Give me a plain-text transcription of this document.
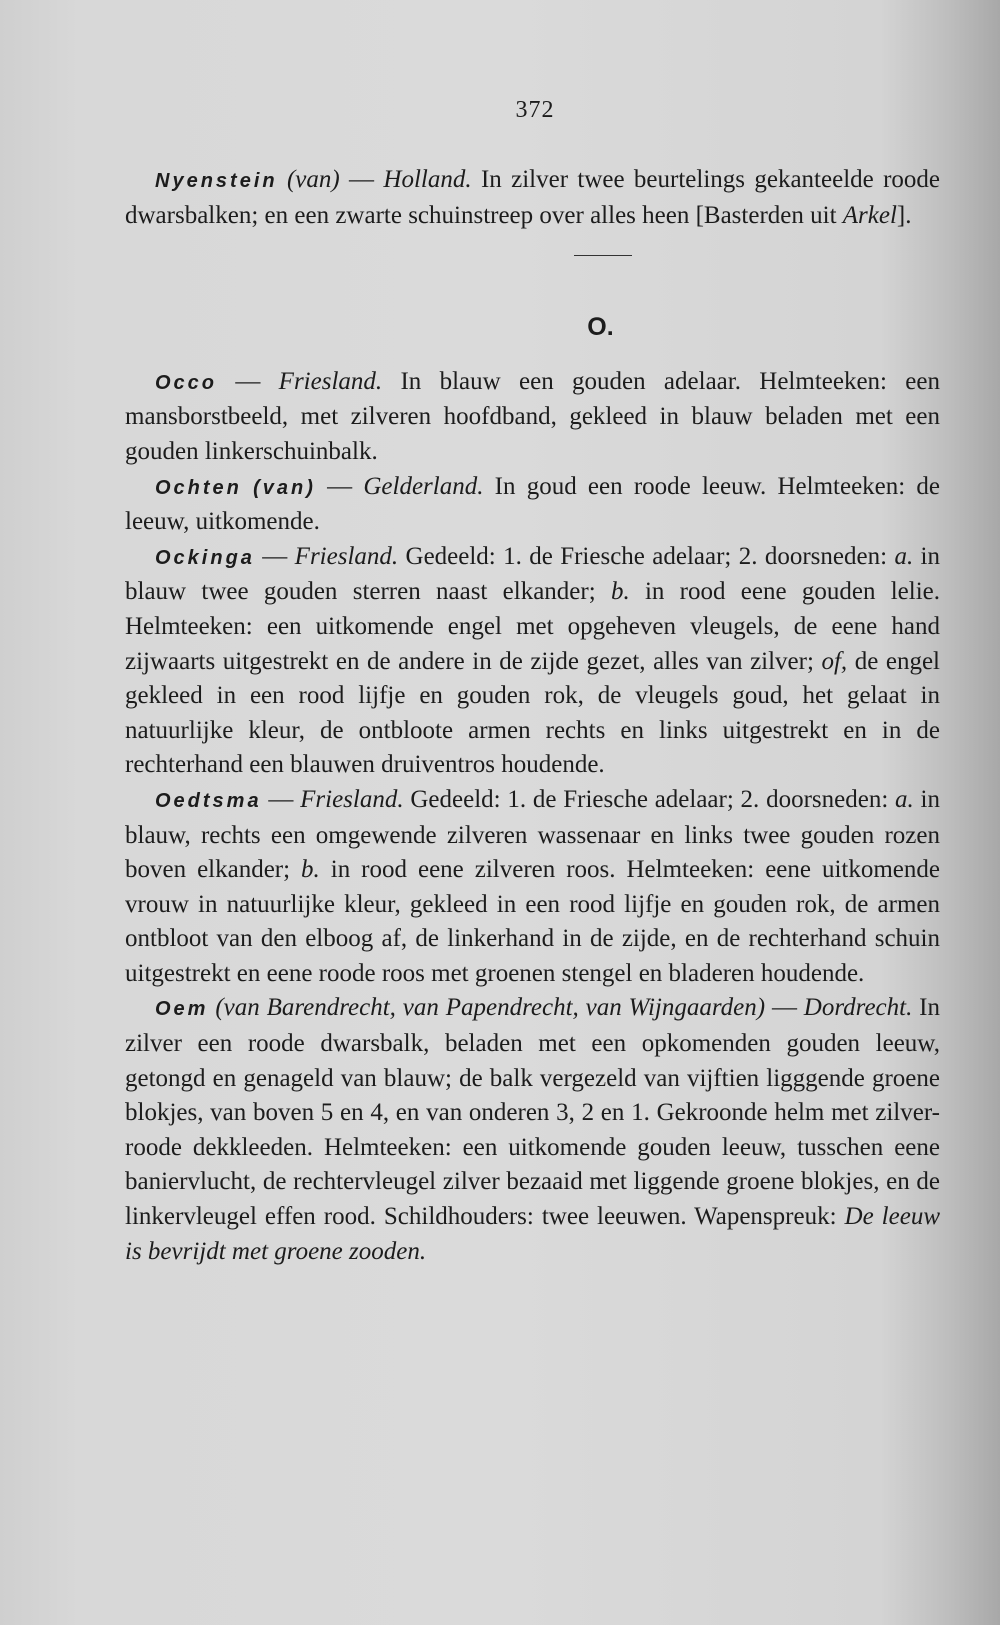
372

Nyenstein (van) — Holland. In zilver twee beurtelings gekanteelde roode dwarsbalken; en een zwarte schuinstreep over alles heen [Basterden uit Arkel].

O.

Occo — Friesland. In blauw een gouden adelaar. Helmteeken: een mansborstbeeld, met zilveren hoofdband, gekleed in blauw beladen met een gouden linkerschuinbalk.

Ochten (van) — Gelderland. In goud een roode leeuw. Helmteeken: de leeuw, uitkomende.

Ockinga — Friesland. Gedeeld: 1. de Friesche adelaar; 2. doorsneden: a. in blauw twee gouden sterren naast elkander; b. in rood eene gouden lelie. Helmteeken: een uitkomende engel met opgeheven vleugels, de eene hand zijwaarts uitgestrekt en de andere in de zijde gezet, alles van zilver; of, de engel gekleed in een rood lijfje en gouden rok, de vleugels goud, het gelaat in natuurlijke kleur, de ontbloote armen rechts en links uitgestrekt en in de rechterhand een blauwen druiventros houdende.

Oedtsma — Friesland. Gedeeld: 1. de Friesche adelaar; 2. doorsneden: a. in blauw, rechts een omgewende zilveren wassenaar en links twee gouden rozen boven elkander; b. in rood eene zilveren roos. Helmteeken: eene uitkomende vrouw in natuurlijke kleur, gekleed in een rood lijfje en gouden rok, de armen ontbloot van den elboog af, de linkerhand in de zijde, en de rechterhand schuin uitgestrekt en eene roode roos met groenen stengel en bladeren houdende.

Oem (van Barendrecht, van Papendrecht, van Wijngaarden) — Dordrecht. In zilver een roode dwarsbalk, beladen met een opkomenden gouden leeuw, getongd en genageld van blauw; de balk vergezeld van vijftien ligggende groene blokjes, van boven 5 en 4, en van onderen 3, 2 en 1. Gekroonde helm met zilver-roode dekkleeden. Helmteeken: een uitkomende gouden leeuw, tusschen eene baniervlucht, de rechtervleugel zilver bezaaid met liggende groene blokjes, en de linkervleugel effen rood. Schildhouders: twee leeuwen. Wapenspreuk: De leeuw is bevrijdt met groene zooden.
